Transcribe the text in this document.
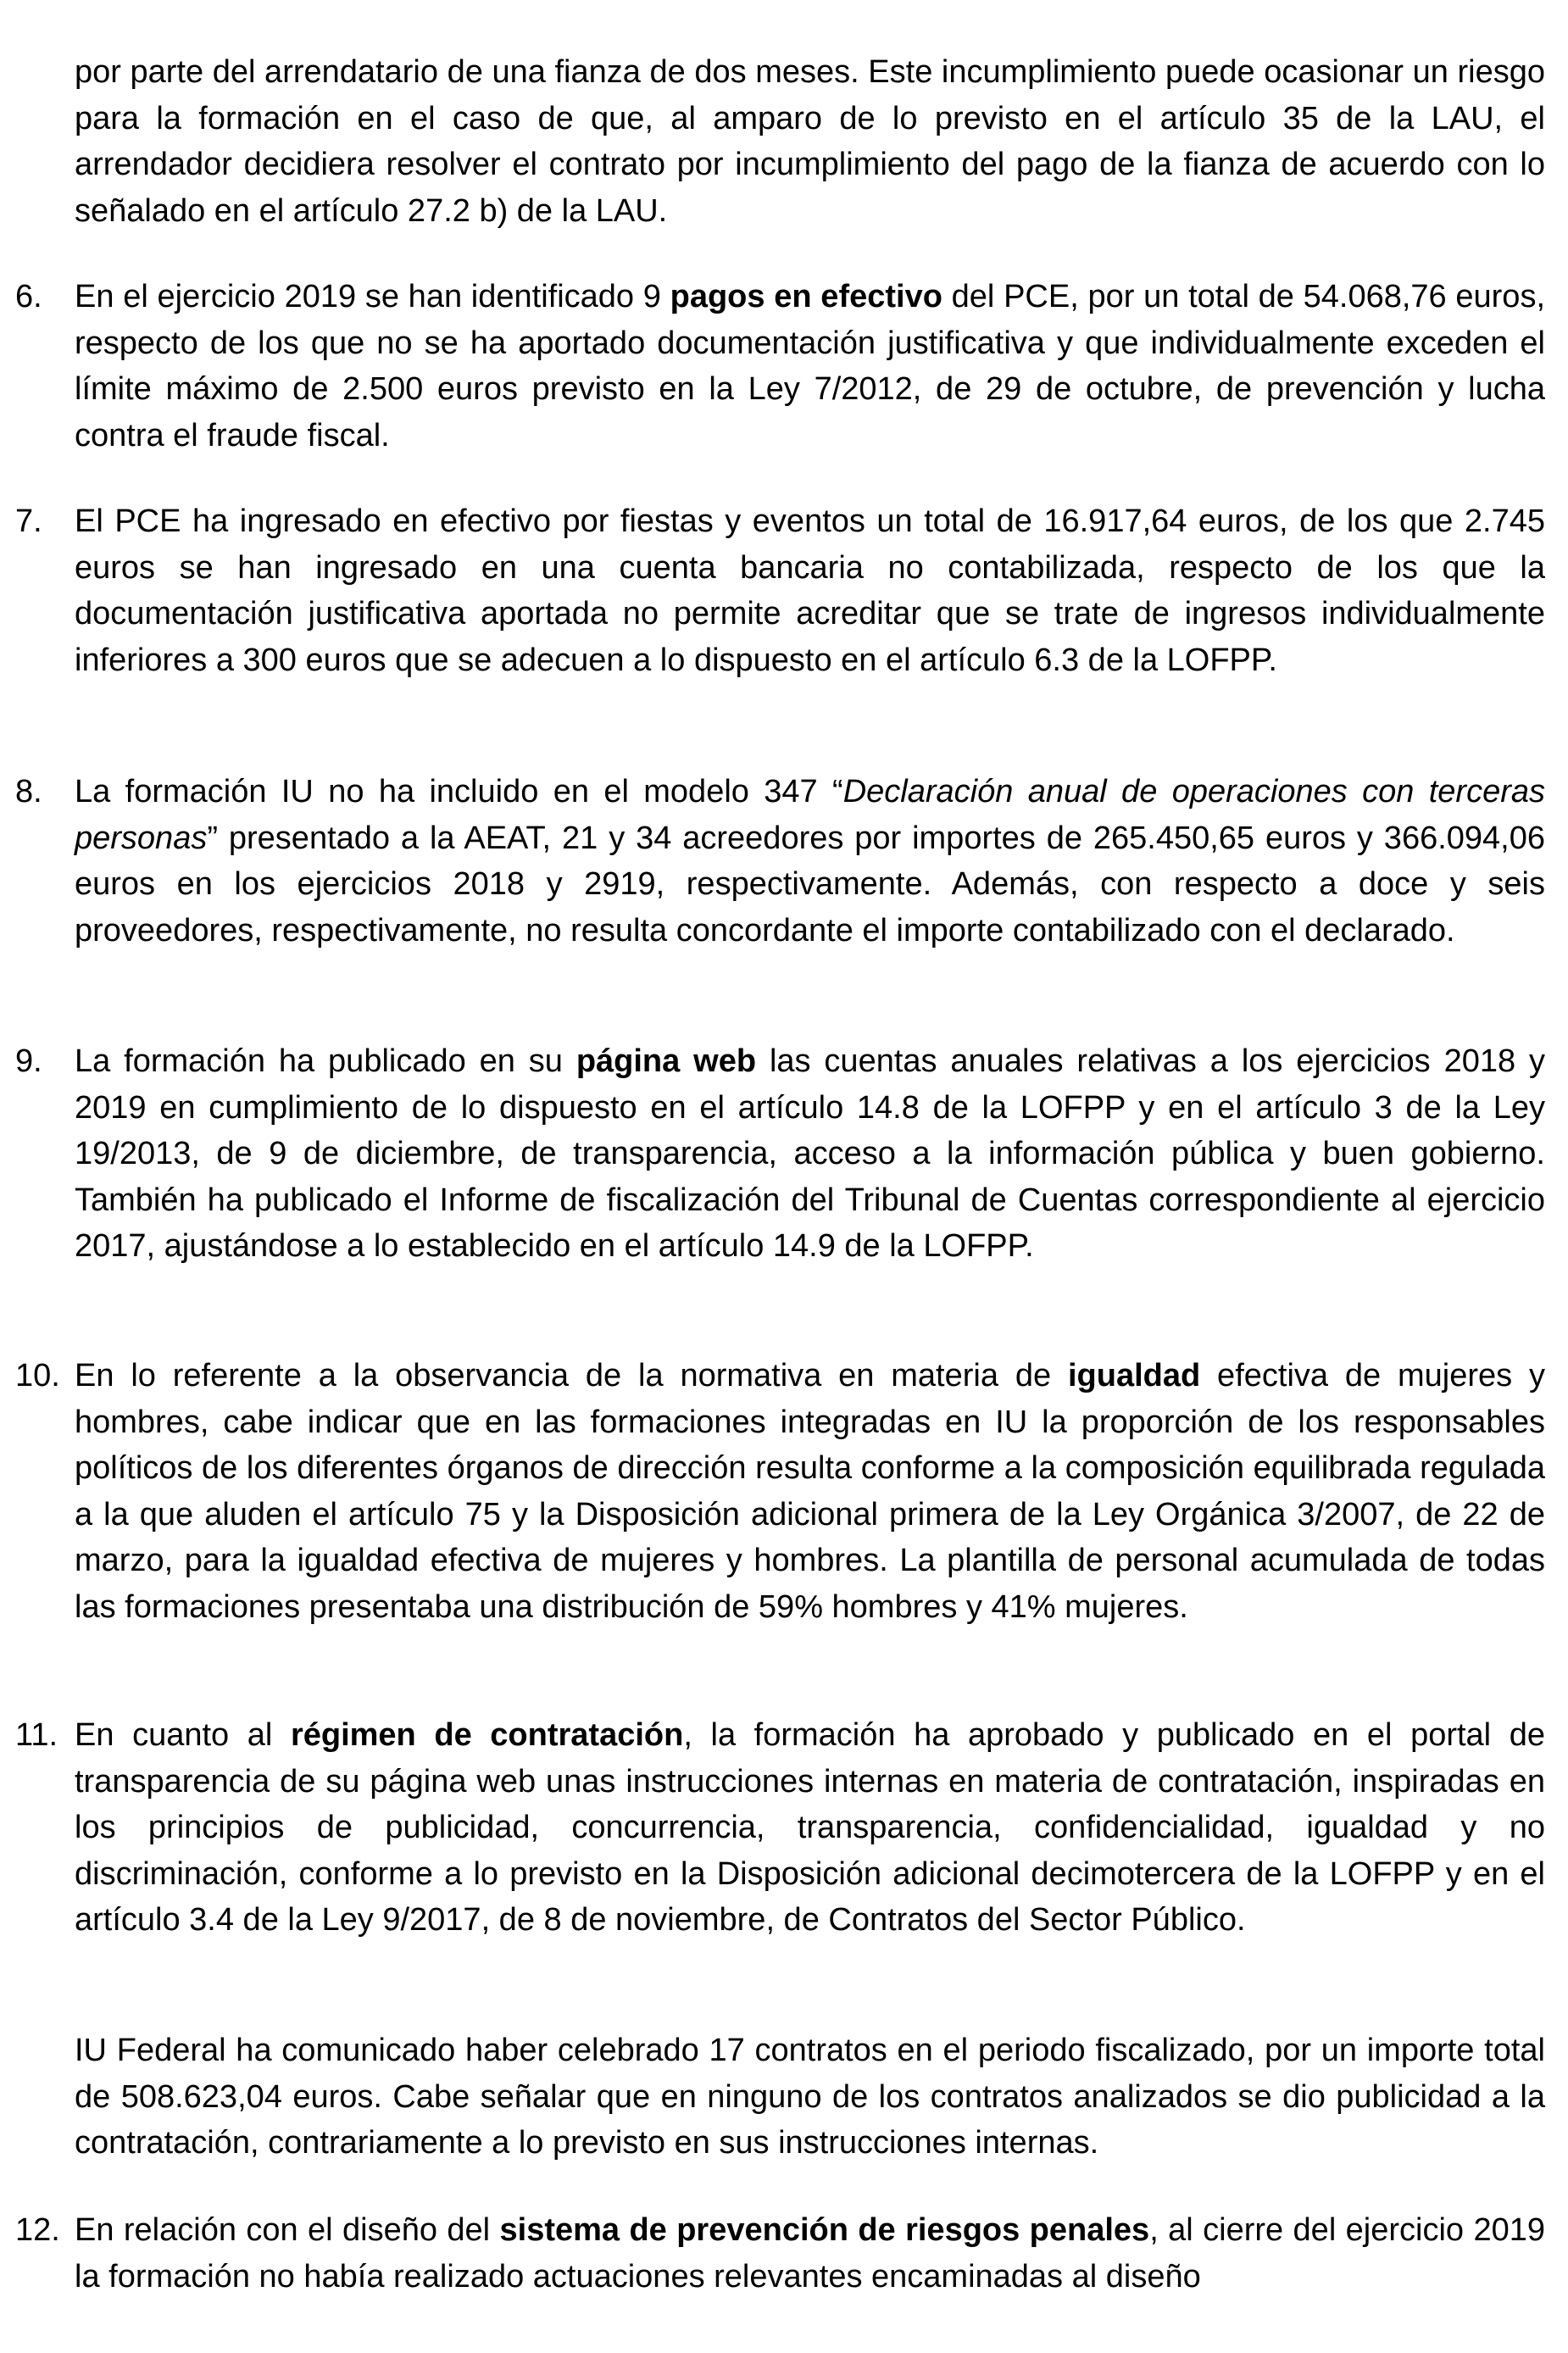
por parte del arrendatario de una fianza de dos meses. Este incumplimiento puede ocasionar un riesgo para la formación en el caso de que, al amparo de lo previsto en el artículo 35 de la LAU, el arrendador decidiera resolver el contrato por incumplimiento del pago de la fianza de acuerdo con lo señalado en el artículo 27.2 b) de la LAU.

6. En el ejercicio 2019 se han identificado 9 pagos en efectivo del PCE, por un total de 54.068,76 euros, respecto de los que no se ha aportado documentación justificativa y que individualmente exceden el límite máximo de 2.500 euros previsto en la Ley 7/2012, de 29 de octubre, de prevención y lucha contra el fraude fiscal.
7. El PCE ha ingresado en efectivo por fiestas y eventos un total de 16.917,64 euros, de los que 2.745 euros se han ingresado en una cuenta bancaria no contabilizada, respecto de los que la documentación justificativa aportada no permite acreditar que se trate de ingresos individualmente inferiores a 300 euros que se adecuen a lo dispuesto en el artículo 6.3 de la LOFPP.
8. La formación IU no ha incluido en el modelo 347 “Declaración anual de operaciones con terceras personas” presentado a la AEAT, 21 y 34 acreedores por importes de 265.450,65 euros y 366.094,06 euros en los ejercicios 2018 y 2919, respectivamente. Además, con respecto a doce y seis proveedores, respectivamente, no resulta concordante el importe contabilizado con el declarado.
9. La formación ha publicado en su página web las cuentas anuales relativas a los ejercicios 2018 y 2019 en cumplimiento de lo dispuesto en el artículo 14.8 de la LOFPP y en el artículo 3 de la Ley 19/2013, de 9 de diciembre, de transparencia, acceso a la información pública y buen gobierno. También ha publicado el Informe de fiscalización del Tribunal de Cuentas correspondiente al ejercicio 2017, ajustándose a lo establecido en el artículo 14.9 de la LOFPP.
10. En lo referente a la observancia de la normativa en materia de igualdad efectiva de mujeres y hombres, cabe indicar que en las formaciones integradas en IU la proporción de los responsables políticos de los diferentes órganos de dirección resulta conforme a la composición equilibrada regulada a la que aluden el artículo 75 y la Disposición adicional primera de la Ley Orgánica 3/2007, de 22 de marzo, para la igualdad efectiva de mujeres y hombres. La plantilla de personal acumulada de todas las formaciones presentaba una distribución de 59% hombres y 41% mujeres.
11. En cuanto al régimen de contratación, la formación ha aprobado y publicado en el portal de transparencia de su página web unas instrucciones internas en materia de contratación, inspiradas en los principios de publicidad, concurrencia, transparencia, confidencialidad, igualdad y no discriminación, conforme a lo previsto en la Disposición adicional decimotercera de la LOFPP y en el artículo 3.4 de la Ley 9/2017, de 8 de noviembre, de Contratos del Sector Público.

IU Federal ha comunicado haber celebrado 17 contratos en el periodo fiscalizado, por un importe total de 508.623,04 euros. Cabe señalar que en ninguno de los contratos analizados se dio publicidad a la contratación, contrariamente a lo previsto en sus instrucciones internas.

12. En relación con el diseño del sistema de prevención de riesgos penales, al cierre del ejercicio 2019 la formación no había realizado actuaciones relevantes encaminadas al diseño
